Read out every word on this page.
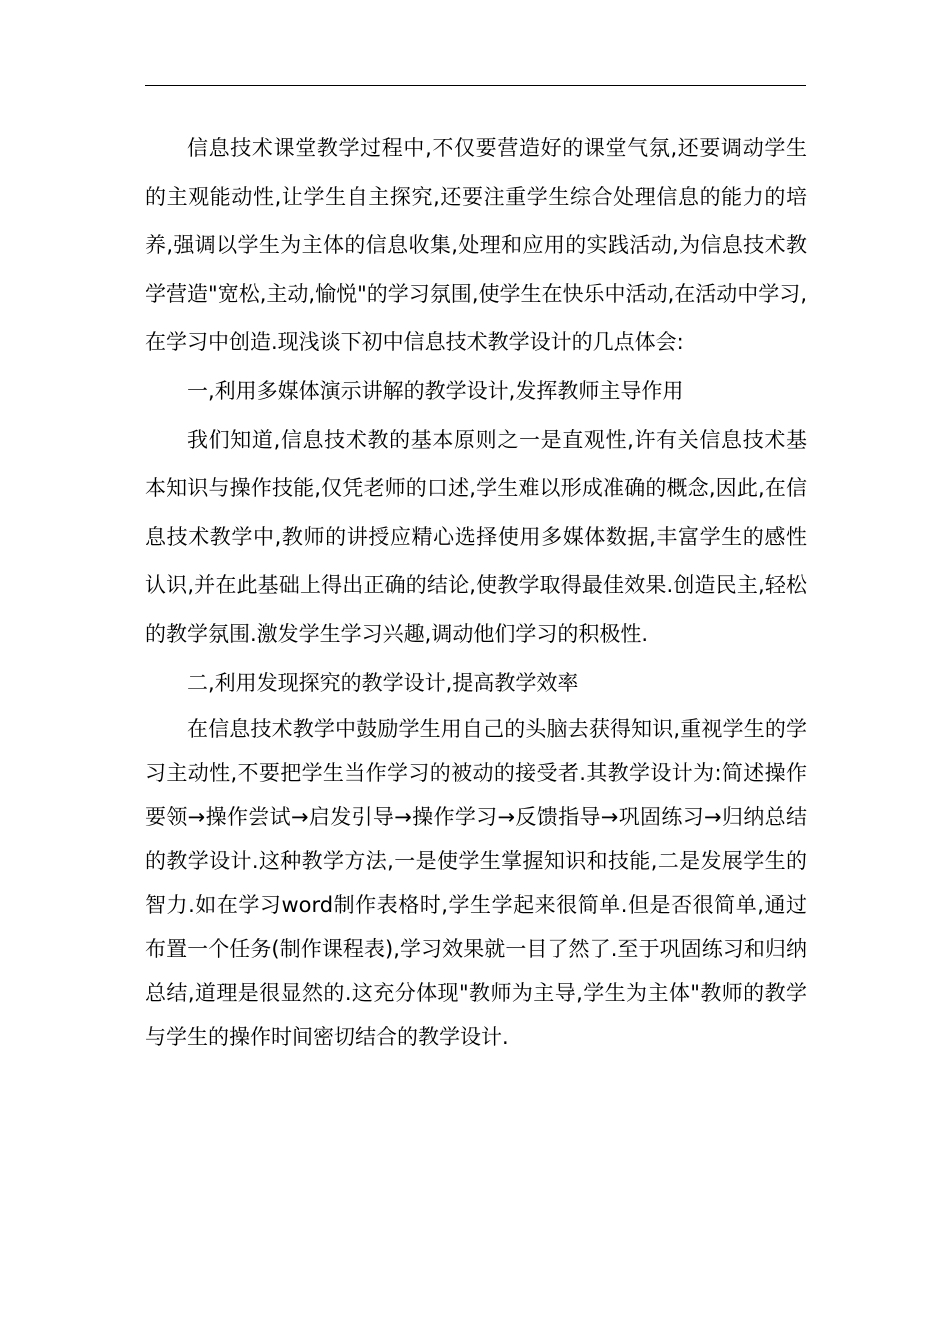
信息技术课堂教学过程中,不仅要营造好的课堂气氛,还要调动学生的主观能动性,让学生自主探究,还要注重学生综合处理信息的能力的培养,强调以学生为主体的信息收集,处理和应用的实践活动,为信息技术教学营造"宽松,主动,愉悦"的学习氛围,使学生在快乐中活动,在活动中学习,在学习中创造.现浅谈下初中信息技术教学设计的几点体会:

一,利用多媒体演示讲解的教学设计,发挥教师主导作用

我们知道,信息技术教的基本原则之一是直观性,许有关信息技术基本知识与操作技能,仅凭老师的口述,学生难以形成准确的概念,因此,在信息技术教学中,教师的讲授应精心选择使用多媒体数据,丰富学生的感性认识,并在此基础上得出正确的结论,使教学取得最佳效果.创造民主,轻松的教学氛围.激发学生学习兴趣,调动他们学习的积极性.

二,利用发现探究的教学设计,提高教学效率

在信息技术教学中鼓励学生用自己的头脑去获得知识,重视学生的学习主动性,不要把学生当作学习的被动的接受者.其教学设计为:简述操作要领→操作尝试→启发引导→操作学习→反馈指导→巩固练习→归纳总结的教学设计.这种教学方法,一是使学生掌握知识和技能,二是发展学生的智力.如在学习word制作表格时,学生学起来很简单.但是否很简单,通过布置一个任务(制作课程表),学习效果就一目了然了.至于巩固练习和归纳总结,道理是很显然的.这充分体现"教师为主导,学生为主体"教师的教学与学生的操作时间密切结合的教学设计.
